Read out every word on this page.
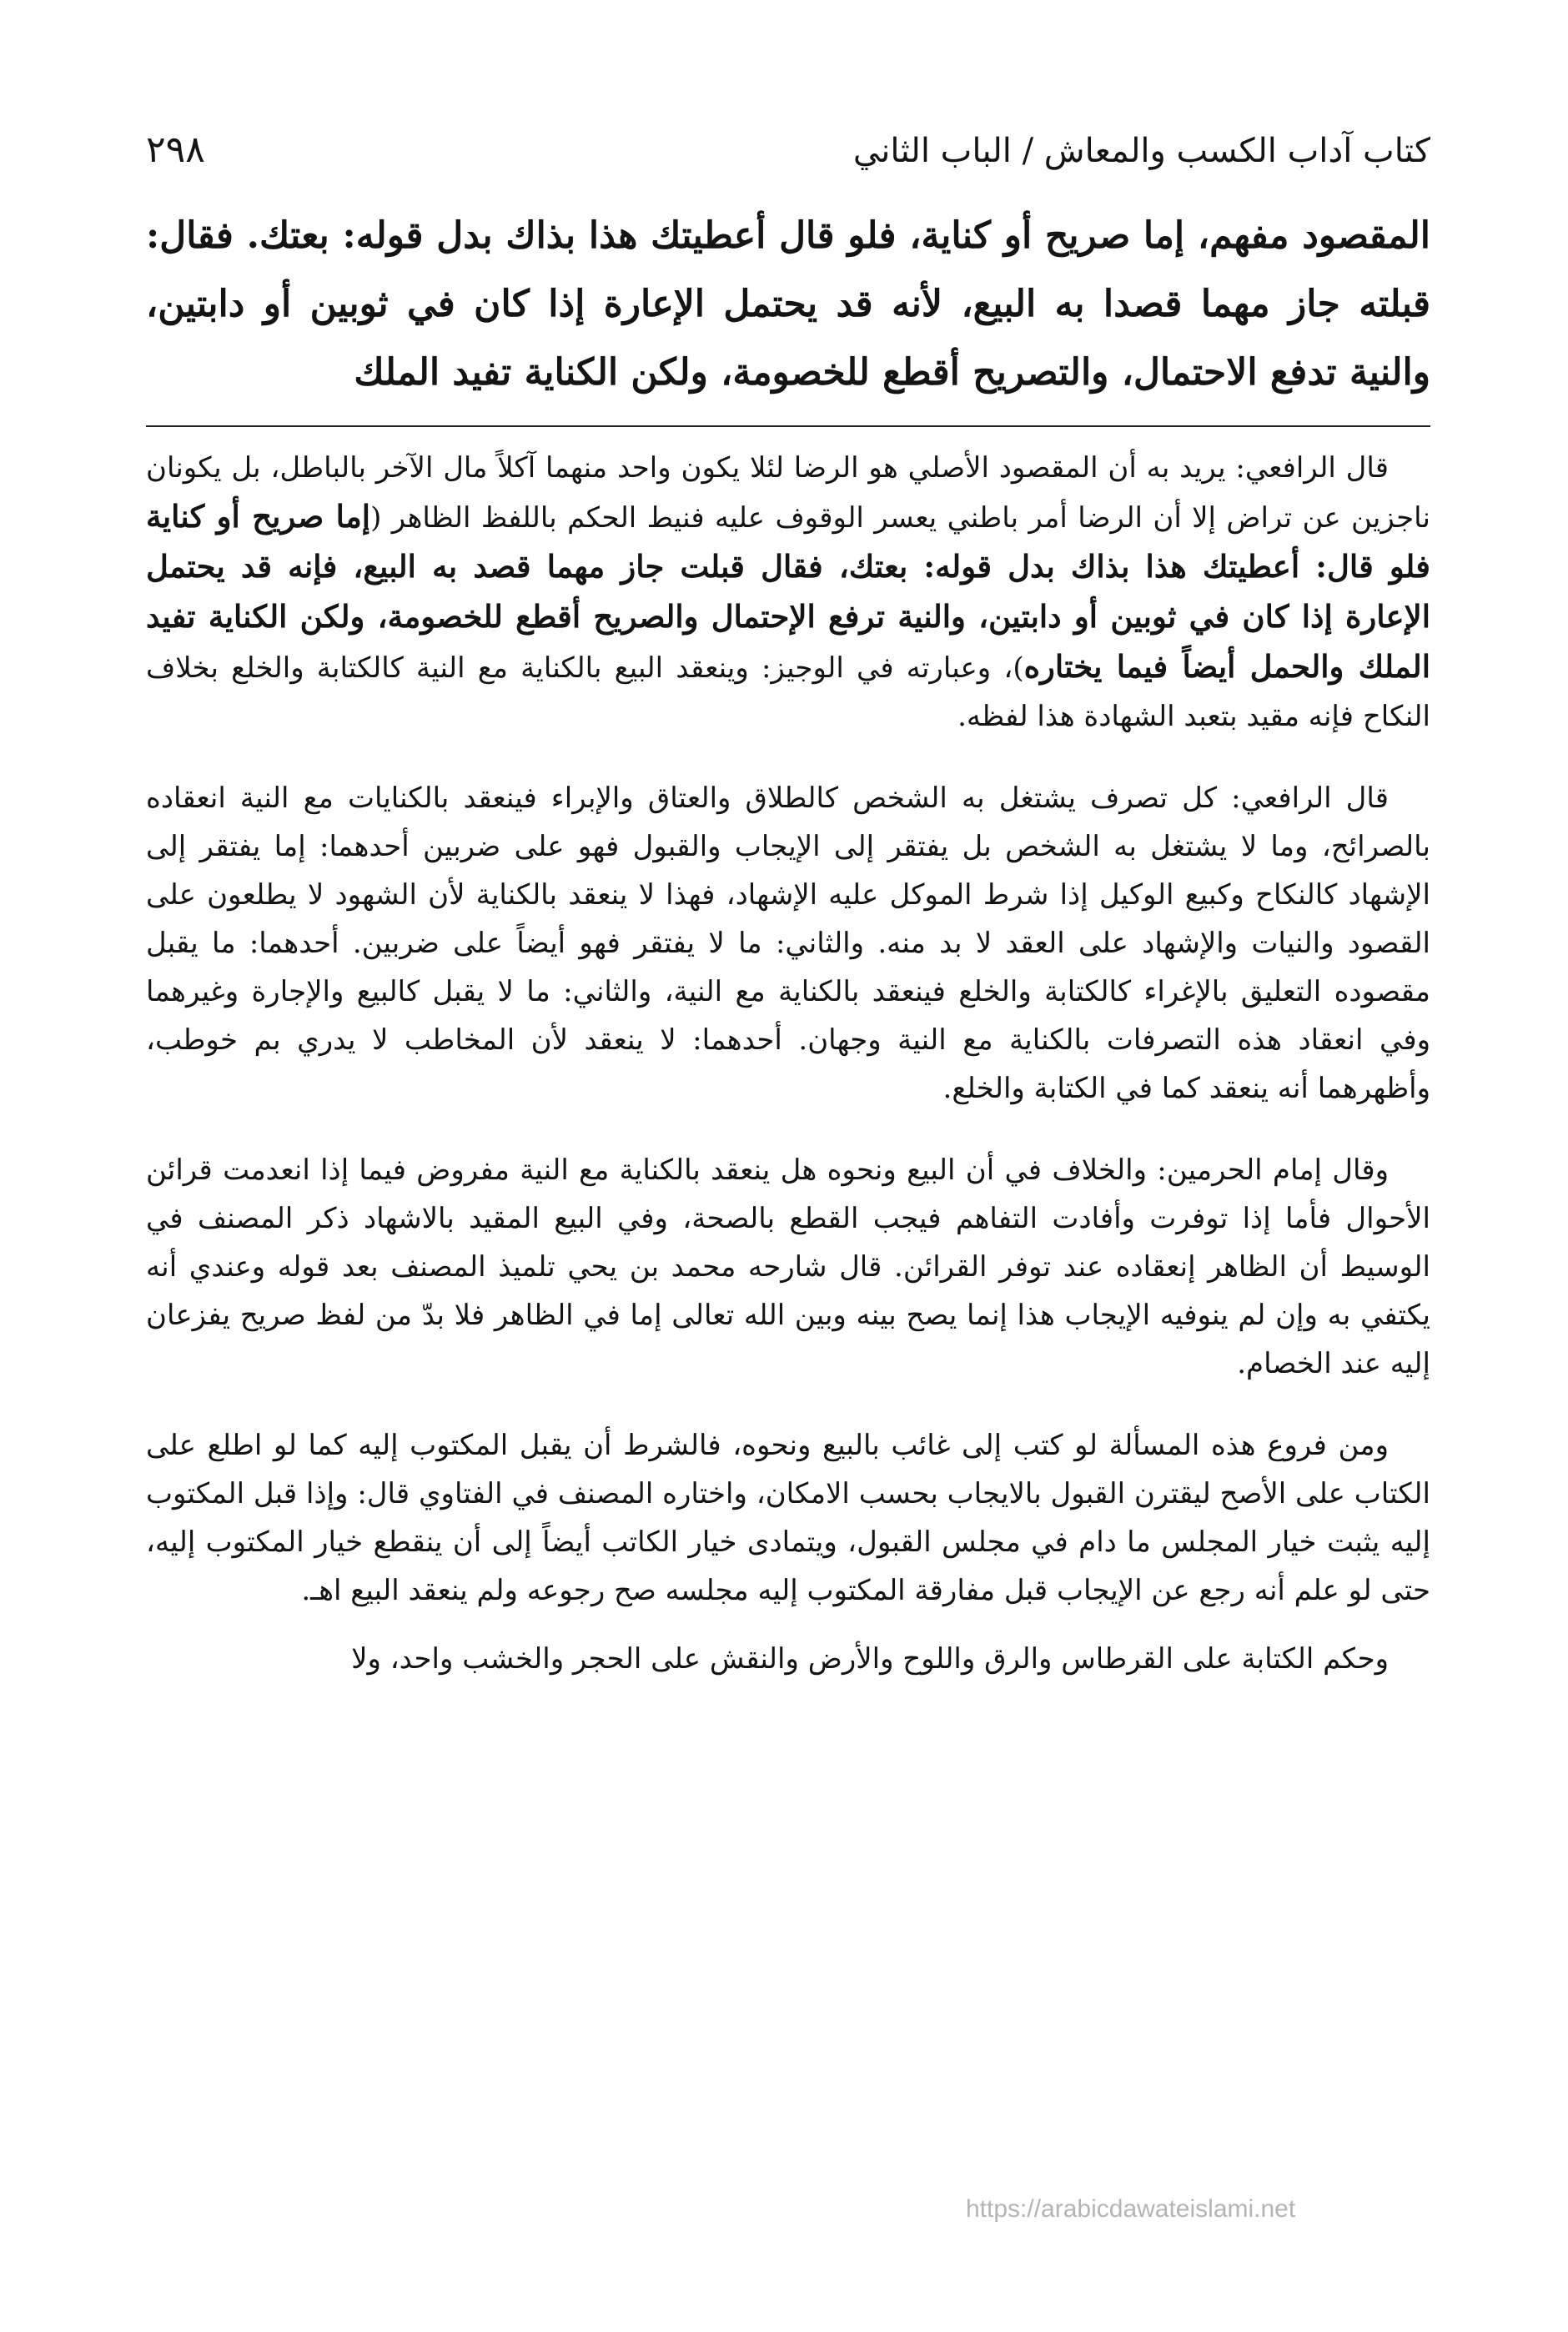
كتاب آداب الكسب والمعاش / الباب الثاني
٢٩٨
المقصود مفهم، إما صريح أو كناية، فلو قال أعطيتك هذا بذاك بدل قوله: بعتك. فقال: قبلته جاز مهما قصدا به البيع، لأنه قد يحتمل الإعارة إذا كان في ثوبين أو دابتين، والنية تدفع الاحتمال، والتصريح أقطع للخصومة، ولكن الكناية تفيد الملك

قال الرافعي: يريد به أن المقصود الأصلي هو الرضا لئلا يكون واحد منهما آكلاً مال الآخر بالباطل، بل يكونان ناجزين عن تراض إلا أن الرضا أمر باطني يعسر الوقوف عليه فنيط الحكم باللفظ الظاهر (إما صريح أو كناية فلو قال: أعطيتك هذا بذاك بدل قوله: بعتك، فقال قبلت جاز مهما قصد به البيع، فإنه قد يحتمل الإعارة إذا كان في ثوبين أو دابتين، والنية ترفع الإحتمال والصريح أقطع للخصومة، ولكن الكناية تفيد الملك والحمل أيضاً فيما يختاره)، وعبارته في الوجيز: وينعقد البيع بالكناية مع النية كالكتابة والخلع بخلاف النكاح فإنه مقيد بتعبد الشهادة هذا لفظه.

قال الرافعي: كل تصرف يشتغل به الشخص كالطلاق والعتاق والإبراء فينعقد بالكنايات مع النية انعقاده بالصرائح، وما لا يشتغل به الشخص بل يفتقر إلى الإيجاب والقبول فهو على ضربين أحدهما: إما يفتقر إلى الإشهاد كالنكاح وكبيع الوكيل إذا شرط الموكل عليه الإشهاد، فهذا لا ينعقد بالكناية لأن الشهود لا يطلعون على القصود والنيات والإشهاد على العقد لا بد منه. والثاني: ما لا يفتقر فهو أيضاً على ضربين. أحدهما: ما يقبل مقصوده التعليق بالإغراء كالكتابة والخلع فينعقد بالكناية مع النية، والثاني: ما لا يقبل كالبيع والإجارة وغيرهما وفي انعقاد هذه التصرفات بالكناية مع النية وجهان. أحدهما: لا ينعقد لأن المخاطب لا يدري بم خوطب، وأظهرهما أنه ينعقد كما في الكتابة والخلع.

وقال إمام الحرمين: والخلاف في أن البيع ونحوه هل ينعقد بالكناية مع النية مفروض فيما إذا انعدمت قرائن الأحوال فأما إذا توفرت وأفادت التفاهم فيجب القطع بالصحة، وفي البيع المقيد بالاشهاد ذكر المصنف في الوسيط أن الظاهر إنعقاده عند توفر القرائن. قال شارحه محمد بن يحي تلميذ المصنف بعد قوله وعندي أنه يكتفي به وإن لم ينوفيه الإيجاب هذا إنما يصح بينه وبين الله تعالى إما في الظاهر فلا بدّ من لفظ صريح يفزعان إليه عند الخصام.

ومن فروع هذه المسألة لو كتب إلى غائب بالبيع ونحوه، فالشرط أن يقبل المكتوب إليه كما لو اطلع على الكتاب على الأصح ليقترن القبول بالايجاب بحسب الامكان، واختاره المصنف في الفتاوي قال: وإذا قبل المكتوب إليه يثبت خيار المجلس ما دام في مجلس القبول، ويتمادى خيار الكاتب أيضاً إلى أن ينقطع خيار المكتوب إليه، حتى لو علم أنه رجع عن الإيجاب قبل مفارقة المكتوب إليه مجلسه صح رجوعه ولم ينعقد البيع اهـ.

وحكم الكتابة على القرطاس والرق واللوح والأرض والنقش على الحجر والخشب واحد، ولا

https://arabicdawateislami.net
